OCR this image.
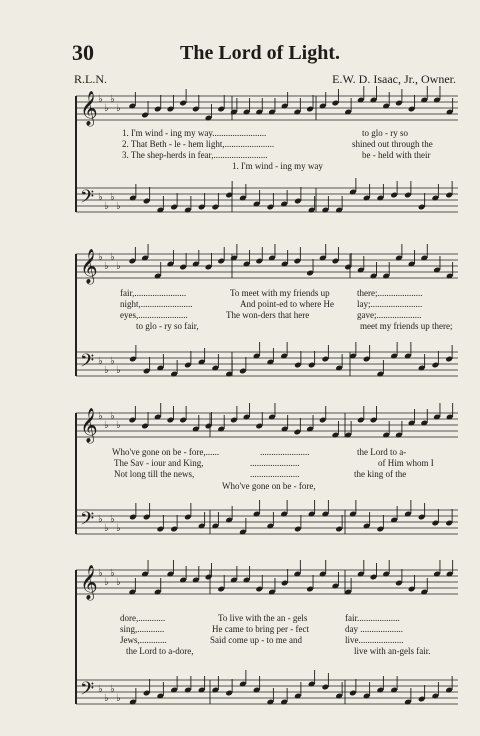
30	The Lord of Light.
R.L.N.	E.W. D. Isaac, Jr., Owner.
𝄞
𝄢
♭
♭
♭
♭
♭
♭
♭
♭
1. I'm wind - ing my way........................	to glo - ry so
2. That Beth - le - hem light,......................	shined out through the
3. The shep-herds in fear,........................	be - held with their
1. I'm wind - ing my way
𝄞
𝄢
♭
♭
♭
♭
♭
♭
♭
♭
fair,.......................	To meet with my friends up	there;....................
night,.......................	And point-ed to where He	lay;.......................
eyes,......................	The won-ders that here	gave;....................
to glo - ry so fair,	meet my friends up there;
𝄞
𝄢
♭
♭
♭
♭
♭
♭
♭
♭
Who've gone on be - fore,......	......................	the Lord to a-
The Sav - iour and King,	......................	of Him whom I
Not long till the news,	......................	the king of the
Who've gone on be - fore,
𝄞
𝄢
♭
♭
♭
♭
♭
♭
♭
♭
dore,............	To live with the an - gels	fair...................
sing,............	He came to bring per - fect	day ...................
Jews,............	Said come up - to me and	live....................
the Lord to a-dore,	live with an-gels fair.
